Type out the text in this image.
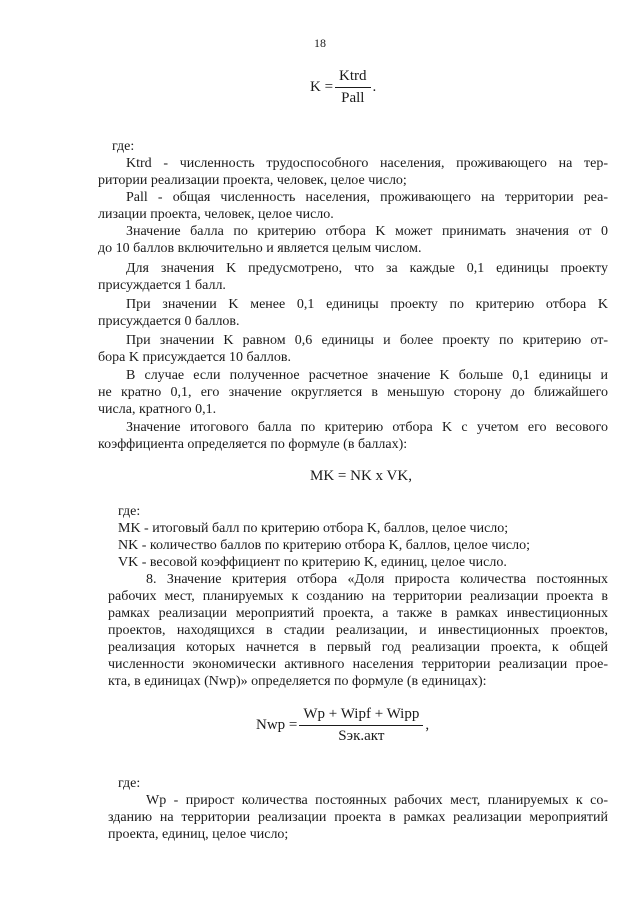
18
$K = \frac{\text{Ktrd}}{\text{Pall}}$ .
где:
Ktrd - численность трудоспособного населения, проживающего на тер-
ритории реализации проекта, человек, целое число;
Pall - общая численность населения, проживающего на территории реа-
лизации проекта, человек, целое число.
Значение балла по критерию отбора K может принимать значения от 0
до 10 баллов включительно и является целым числом.
Для значения K предусмотрено, что за каждые 0,1 единицы проекту
присуждается 1 балл.
При значении K менее 0,1 единицы проекту по критерию отбора K
присуждается 0 баллов.
При значении K равном 0,6 единицы и более проекту по критерию от-
бора K присуждается 10 баллов.
В случае если полученное расчетное значение K больше 0,1 единицы и
не кратно 0,1, его значение округляется в меньшую сторону до ближайшего
числа, кратного 0,1.
Значение итогового балла по критерию отбора K с учетом его весового
коэффициента определяется по формуле (в баллах):
MK = NK x VK,
где:
MK - итоговый балл по критерию отбора K, баллов, целое число;
NK - количество баллов по критерию отбора K, баллов, целое число;
VK - весовой коэффициент по критерию K, единиц, целое число.
8. Значение критерия отбора «Доля прироста количества постоянных
рабочих мест, планируемых к созданию на территории реализации проекта в
рамках реализации мероприятий проекта, а также в рамках инвестиционных
проектов, находящихся в стадии реализации, и инвестиционных проектов,
реализация которых начнется в первый год реализации проекта, к общей
численности экономически активного населения территории реализации прое-
кта, в единицах (Nwp)» определяется по формуле (в единицах):
Nwp = $\frac{\text{Wp + Wipf + Wipp}}{\text{Sэк.акт}}$ ,
где:
Wp - прирост количества постоянных рабочих мест, планируемых к со-
зданию на территории реализации проекта в рамках реализации мероприятий
проекта, единиц, целое число;
